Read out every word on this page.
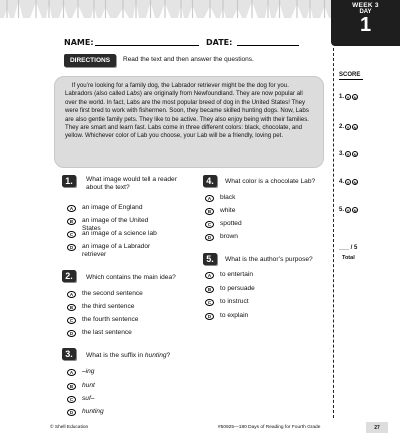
WEEK 3
DAY
1
NAME:	DATE:
DIRECTIONS	Read the text and then answer the questions.

If you’re looking for a family dog, the Labrador retriever might be the dog for you. Labradors (also called Labs) are originally from Newfoundland. They are now popular all over the world. In fact, Labs are the most popular breed of dog in the United States! They were first bred to work with fishermen. Soon, they became skilled hunting dogs. Now, Labs are also gentle family pets. They like to be active. They also enjoy being with their families. They are smart and learn fast. Labs come in three different colors: black, chocolate, and yellow. Whichever color of Lab you choose, your Lab will be a friendly, loving pet.

SCORE
1. Y	N
2. Y	N
3. Y	N
4. Y	N
5. Y	N
___ / 5
Total
1.	What image would tell a reader about the text?
A	an image of England
B	an image of the United States
C	an image of a science lab
D	an image of a Labrador retriever
2.	Which contains the main idea?
A	the second sentence
B	the third sentence
C	the fourth sentence
D	the last sentence
3.	What is the suffix in hunting?
A	–ing
B	hunt
C	suf–
D	hunting
4.	What color is a chocolate Lab?
A	black
B	white
C	spotted
D	brown
5.	What is the author’s purpose?
A	to entertain
B	to persuade
C	to instruct
D	to explain
© Shell Education	#50925—180 Days of Reading for Fourth Grade	27
